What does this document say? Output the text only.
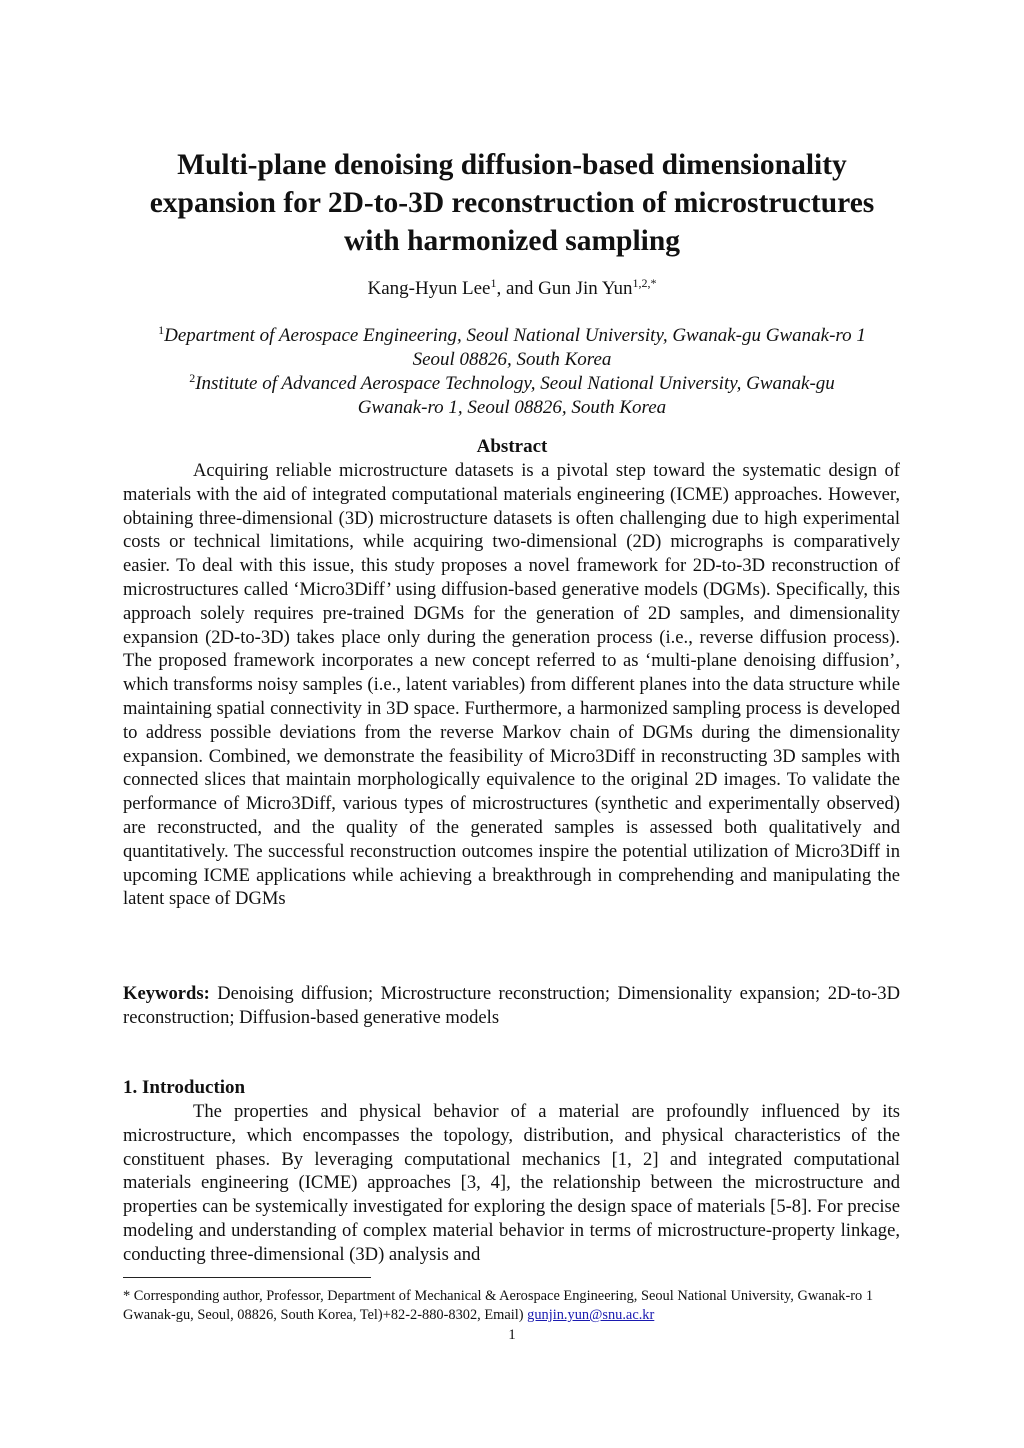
Multi-plane denoising diffusion-based dimensionality
expansion for 2D-to-3D reconstruction of microstructures
with harmonized sampling
Kang-Hyun Lee$^1$, and Gun Jin Yun$^{1,2,*}$
$^1$Department of Aerospace Engineering, Seoul National University, Gwanak-gu Gwanak-ro 1
Seoul 08826, South Korea
$^2$Institute of Advanced Aerospace Technology, Seoul National University, Gwanak-gu
Gwanak-ro 1, Seoul 08826, South Korea
Abstract

Acquiring reliable microstructure datasets is a pivotal step toward the systematic design of materials with the aid of integrated computational materials engineering (ICME) approaches. However, obtaining three-dimensional (3D) microstructure datasets is often challenging due to high experimental costs or technical limitations, while acquiring two-dimensional (2D) micrographs is comparatively easier. To deal with this issue, this study proposes a novel framework for 2D-to-3D reconstruction of microstructures called ‘Micro3Diff’ using diffusion-based generative models (DGMs). Specifically, this approach solely requires pre-trained DGMs for the generation of 2D samples, and dimensionality expansion (2D-to-3D) takes place only during the generation process (i.e., reverse diffusion process). The proposed framework incorporates a new concept referred to as ‘multi-plane denoising diffusion’, which transforms noisy samples (i.e., latent variables) from different planes into the data structure while maintaining spatial connectivity in 3D space. Furthermore, a harmonized sampling process is developed to address possible deviations from the reverse Markov chain of DGMs during the dimensionality expansion. Combined, we demonstrate the feasibility of Micro3Diff in reconstructing 3D samples with connected slices that maintain morphologically equivalence to the original 2D images. To validate the performance of Micro3Diff, various types of microstructures (synthetic and experimentally observed) are reconstructed, and the quality of the generated samples is assessed both qualitatively and quantitatively. The successful reconstruction outcomes inspire the potential utilization of Micro3Diff in upcoming ICME applications while achieving a breakthrough in comprehending and manipulating the latent space of DGMs

Keywords: Denoising diffusion; Microstructure reconstruction; Dimensionality expansion; 2D-to-3D reconstruction; Diffusion-based generative models

1. Introduction

The properties and physical behavior of a material are profoundly influenced by its microstructure, which encompasses the topology, distribution, and physical characteristics of the constituent phases. By leveraging computational mechanics [1, 2] and integrated computational materials engineering (ICME) approaches [3, 4], the relationship between the microstructure and properties can be systemically investigated for exploring the design space of materials [5-8]. For precise modeling and understanding of complex material behavior in terms of microstructure-property linkage, conducting three-dimensional (3D) analysis and

* Corresponding author, Professor, Department of Mechanical & Aerospace Engineering, Seoul National University, Gwanak-ro 1 Gwanak-gu, Seoul, 08826, South Korea, Tel)+82-2-880-8302, Email) gunjin.yun@snu.ac.kr

1
